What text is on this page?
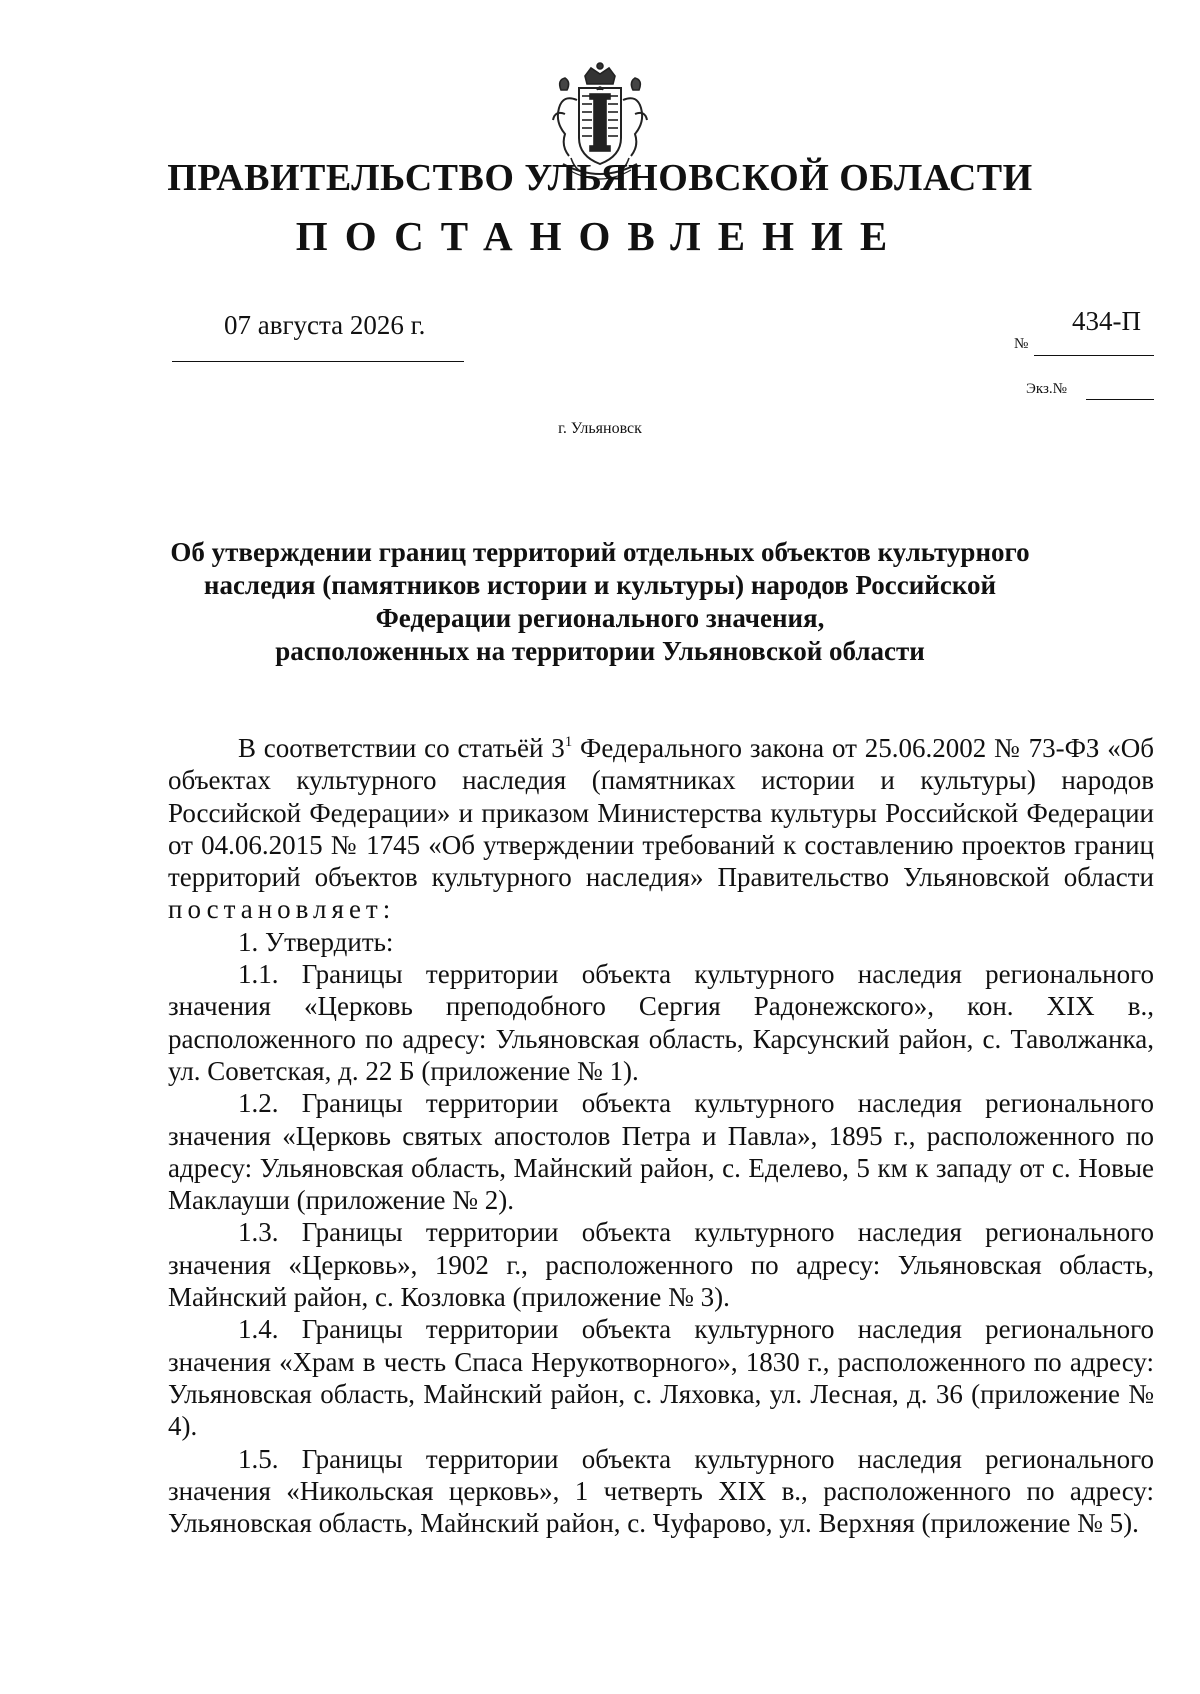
ПРАВИТЕЛЬСТВО УЛЬЯНОВСКОЙ ОБЛАСТИ
ПОСТАНОВЛЕНИЕ
07 августа 2026 г.
№
434-П
Экз.№

г. Ульяновск

Об утверждении границ территорий отдельных объектов культурного
наследия (памятников истории и культуры) народов Российской
Федерации регионального значения,
расположенных на территории Ульяновской области

В соответствии со статьёй $3^1$ Федерального закона от 25.06.2002 № 73-ФЗ «Об объектах культурного наследия (памятниках истории и культуры) народов Российской Федерации» и приказом Министерства культуры Российской Федерации от 04.06.2015 № 1745 «Об утверждении требований к составлению проектов границ территорий объектов культурного наследия» Правительство Ульяновской области постановляет:

1. Утвердить:

1.1. Границы территории объекта культурного наследия регионального значения «Церковь преподобного Сергия Радонежского», кон. XIX в., расположенного по адресу: Ульяновская область, Карсунский район, с. Таволжанка, ул. Советская, д. 22 Б (приложение № 1).

1.2. Границы территории объекта культурного наследия регионального значения «Церковь святых апостолов Петра и Павла», 1895 г., расположенного по адресу: Ульяновская область, Майнский район, с. Еделево, 5 км к западу от с. Новые Маклауши (приложение № 2).

1.3. Границы территории объекта культурного наследия регионального значения «Церковь», 1902 г., расположенного по адресу: Ульяновская область, Майнский район, с. Козловка (приложение № 3).

1.4. Границы территории объекта культурного наследия регионального значения «Храм в честь Спаса Нерукотворного», 1830 г., расположенного по адресу: Ульяновская область, Майнский район, с. Ляховка, ул. Лесная, д. 36 (приложение № 4).

1.5. Границы территории объекта культурного наследия регионального значения «Никольская церковь», 1 четверть XIX в., расположенного по адресу: Ульяновская область, Майнский район, с. Чуфарово, ул. Верхняя (приложение № 5).
